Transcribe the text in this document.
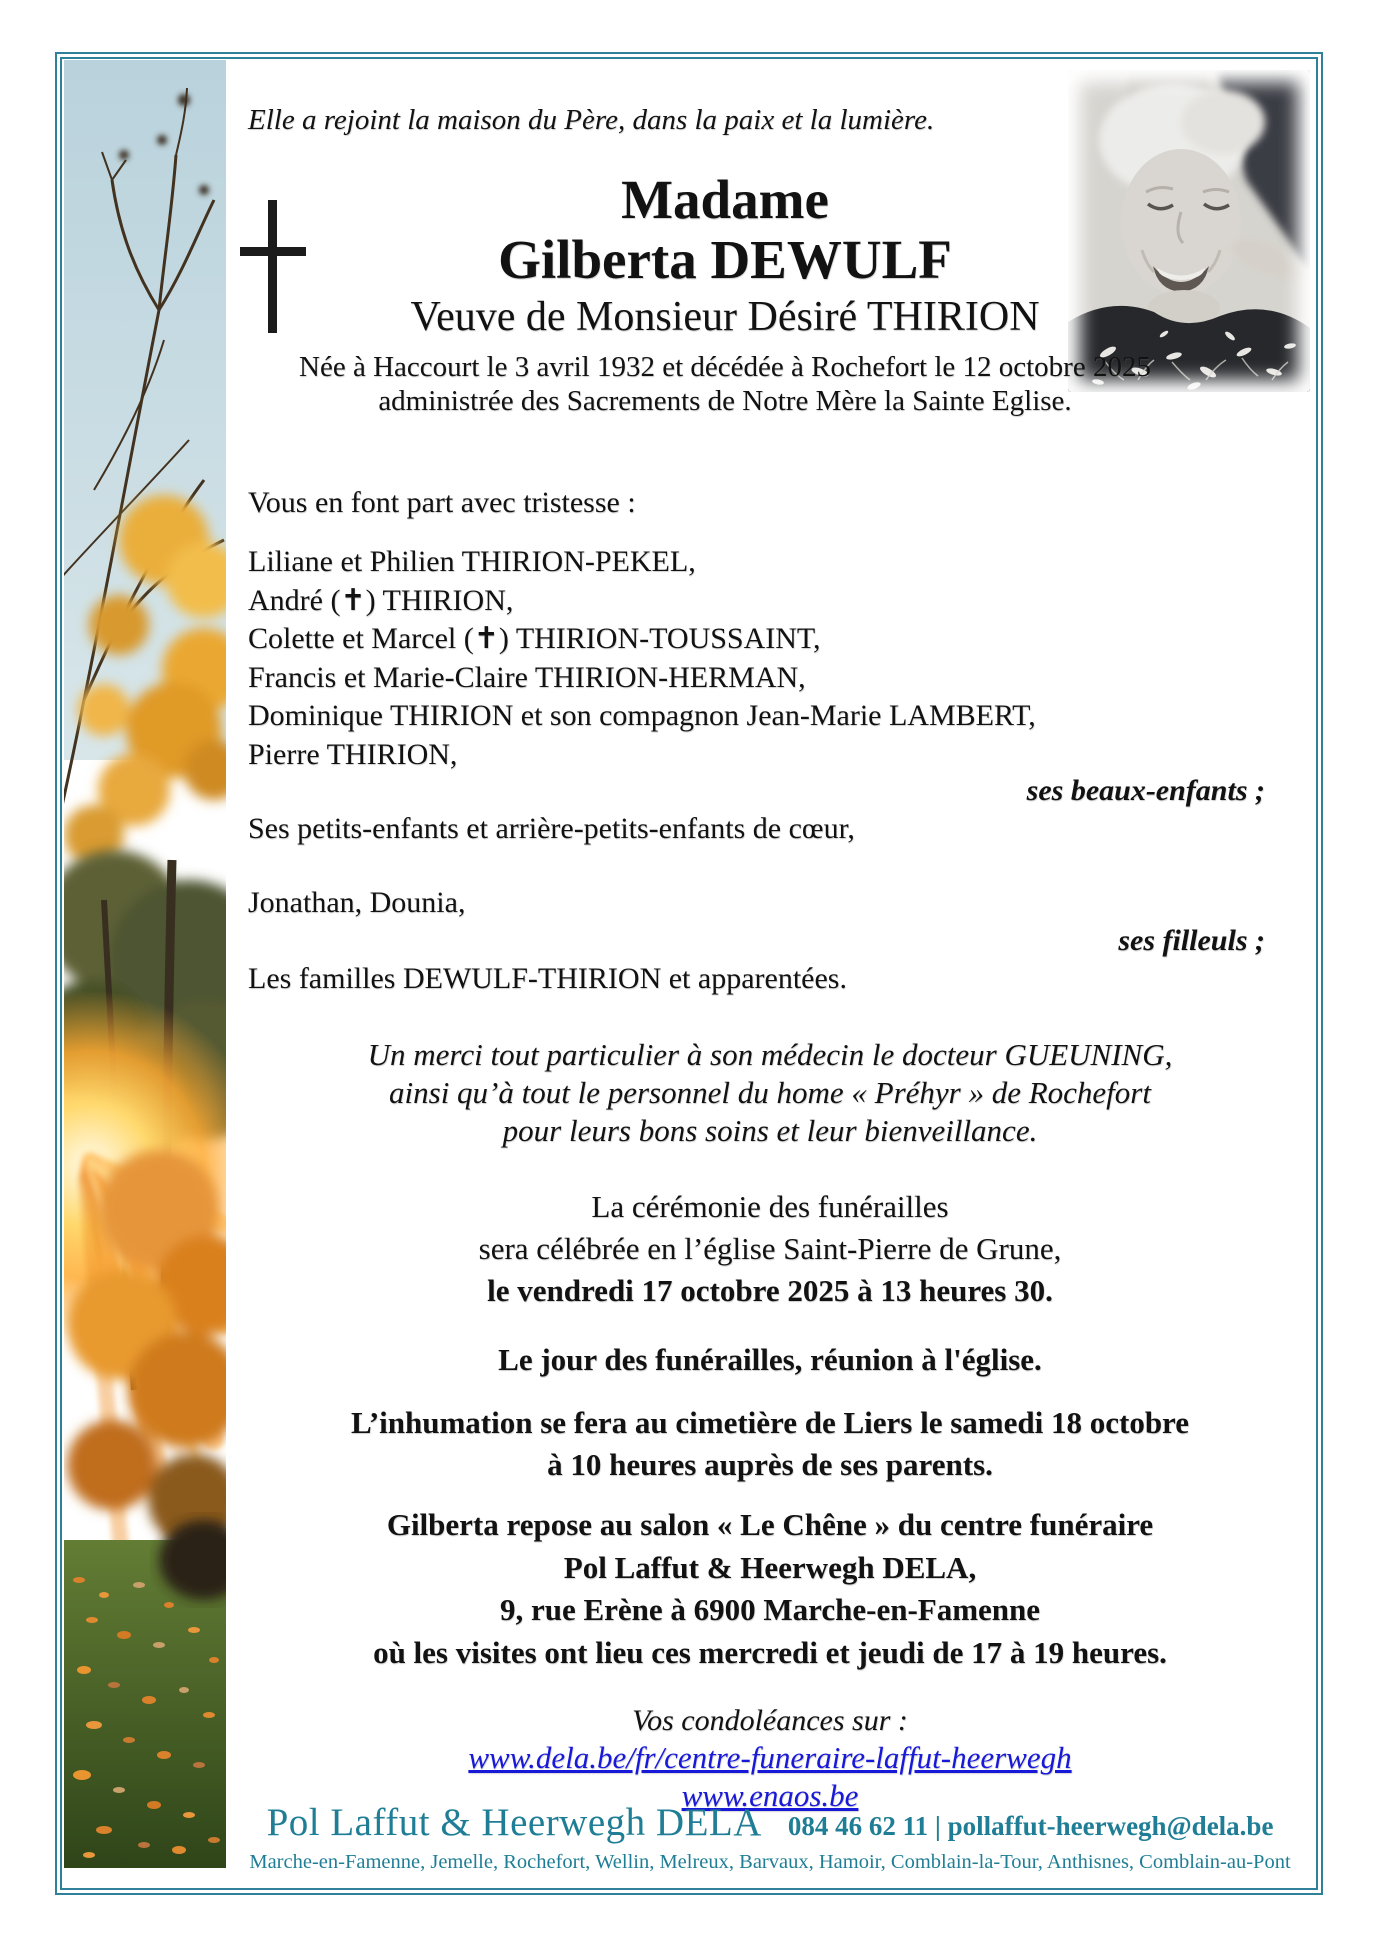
Elle a rejoint la maison du Père, dans la paix et la lumière.
Madame
Gilberta DEWULF
Veuve de Monsieur Désiré THIRION
Née à Haccourt le 3 avril 1932 et décédée à Rochefort le 12 octobre 2025
administrée des Sacrements de Notre Mère la Sainte Eglise.
Vous en font part avec tristesse :
Liliane et Philien THIRION-PEKEL,
André (✝) THIRION,
Colette et Marcel (✝) THIRION-TOUSSAINT,
Francis et Marie-Claire THIRION-HERMAN,
Dominique THIRION et son compagnon Jean-Marie LAMBERT,
Pierre THIRION,
ses beaux-enfants ;
Ses petits-enfants et arrière-petits-enfants de cœur,
Jonathan, Dounia,
ses filleuls ;
Les familles DEWULF-THIRION et apparentées.
Un merci tout particulier à son médecin le docteur GUEUNING,
ainsi qu’à tout le personnel du home « Préhyr » de Rochefort
pour leurs bons soins et leur bienveillance.
La cérémonie des funérailles
sera célébrée en l’église Saint-Pierre de Grune,
le vendredi 17 octobre 2025 à 13 heures 30.
Le jour des funérailles, réunion à l'église.
L’inhumation se fera au cimetière de Liers le samedi 18 octobre
à 10 heures auprès de ses parents.
Gilberta repose au salon « Le Chêne » du centre funéraire
Pol Laffut & Heerwegh DELA,
9, rue Erène à 6900 Marche-en-Famenne
où les visites ont lieu ces mercredi et jeudi de 17 à 19 heures.
Vos condoléances sur :
www.dela.be/fr/centre-funeraire-laffut-heerwegh
www.enaos.be
Pol Laffut & Heerwegh DELA 084 46 62 11 | pollaffut-heerwegh@dela.be
Marche-en-Famenne, Jemelle, Rochefort, Wellin, Melreux, Barvaux, Hamoir, Comblain-la-Tour, Anthisnes, Comblain-au-Pont
